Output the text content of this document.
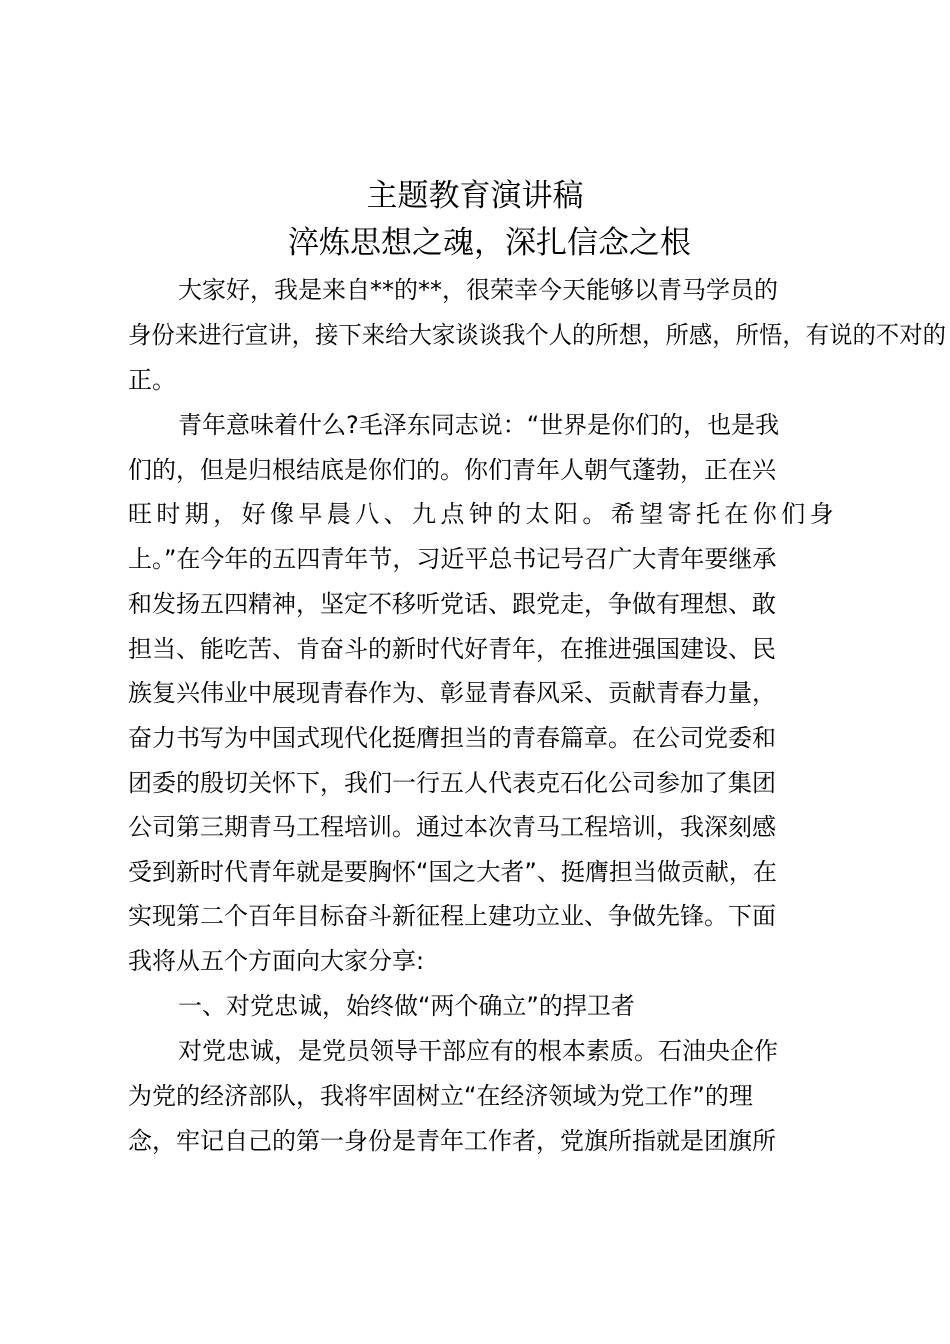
主题教育演讲稿
淬炼思想之魂，深扎信念之根
大家好，我是来自**的**，很荣幸今天能够以青马学员的
身份来进行宣讲，接下来给大家谈谈我个人的所想，所感，所悟，有说的不对的
正。
青年意味着什么?毛泽东同志说：“世界是你们的，也是我
们的，但是归根结底是你们的。你们青年人朝气蓬勃，正在兴
旺时期，好像早晨八、九点钟的太阳。希望寄托在你们身
上。”在今年的五四青年节，习近平总书记号召广大青年要继承
和发扬五四精神，坚定不移听党话、跟党走，争做有理想、敢
担当、能吃苦、肯奋斗的新时代好青年，在推进强国建设、民
族复兴伟业中展现青春作为、彰显青春风采、贡献青春力量，
奋力书写为中国式现代化挺膺担当的青春篇章。在公司党委和
团委的殷切关怀下，我们一行五人代表克石化公司参加了集团
公司第三期青马工程培训。通过本次青马工程培训，我深刻感
受到新时代青年就是要胸怀“国之大者”、挺膺担当做贡献，在
实现第二个百年目标奋斗新征程上建功立业、争做先锋。下面
我将从五个方面向大家分享:
一、对党忠诚，始终做“两个确立”的捍卫者
对党忠诚，是党员领导干部应有的根本素质。石油央企作
为党的经济部队，我将牢固树立“在经济领域为党工作”的理
念，牢记自己的第一身份是青年工作者，党旗所指就是团旗所
